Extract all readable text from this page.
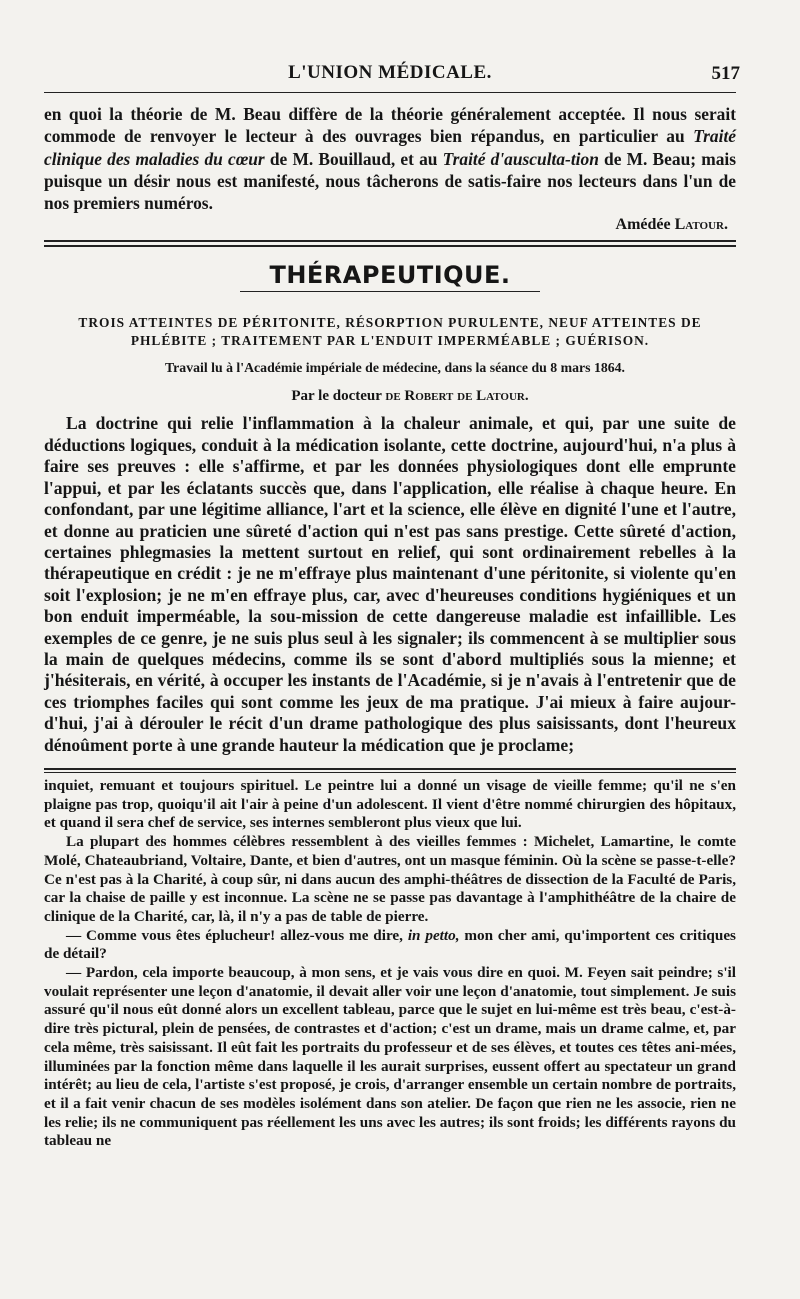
L'UNION MÉDICALE.	517

en quoi la théorie de M. Beau diffère de la théorie généralement acceptée. Il nous serait commode de renvoyer le lecteur à des ouvrages bien répandus, en particulier au Traité clinique des maladies du cœur de M. Bouillaud, et au Traité d'ausculta-tion de M. Beau; mais puisque un désir nous est manifesté, nous tâcherons de satis-faire nos lecteurs dans l'un de nos premiers numéros.

Amédée Latour.
THÉRAPEUTIQUE.
TROIS ATTEINTES DE PÉRITONITE, RÉSORPTION PURULENTE, NEUF ATTEINTES DE PHLÉBITE ; TRAITEMENT PAR L'ENDUIT IMPERMÉABLE ; GUÉRISON.
Travail lu à l'Académie impériale de médecine, dans la séance du 8 mars 1864.
Par le docteur de Robert de Latour.

La doctrine qui relie l'inflammation à la chaleur animale, et qui, par une suite de déductions logiques, conduit à la médication isolante, cette doctrine, aujourd'hui, n'a plus à faire ses preuves : elle s'affirme, et par les données physiologiques dont elle emprunte l'appui, et par les éclatants succès que, dans l'application, elle réalise à chaque heure. En confondant, par une légitime alliance, l'art et la science, elle élève en dignité l'une et l'autre, et donne au praticien une sûreté d'action qui n'est pas sans prestige. Cette sûreté d'action, certaines phlegmasies la mettent surtout en relief, qui sont ordinairement rebelles à la thérapeutique en crédit : je ne m'effraye plus maintenant d'une péritonite, si violente qu'en soit l'explosion; je ne m'en effraye plus, car, avec d'heureuses conditions hygiéniques et un bon enduit imperméable, la sou-mission de cette dangereuse maladie est infaillible. Les exemples de ce genre, je ne suis plus seul à les signaler; ils commencent à se multiplier sous la main de quelques médecins, comme ils se sont d'abord multipliés sous la mienne; et j'hésiterais, en vérité, à occuper les instants de l'Académie, si je n'avais à l'entretenir que de ces triomphes faciles qui sont comme les jeux de ma pratique. J'ai mieux à faire aujour-d'hui, j'ai à dérouler le récit d'un drame pathologique des plus saisissants, dont l'heureux dénoûment porte à une grande hauteur la médication que je proclame;

inquiet, remuant et toujours spirituel. Le peintre lui a donné un visage de vieille femme; qu'il ne s'en plaigne pas trop, quoiqu'il ait l'air à peine d'un adolescent. Il vient d'être nommé chirurgien des hôpitaux, et quand il sera chef de service, ses internes sembleront plus vieux que lui.

La plupart des hommes célèbres ressemblent à des vieilles femmes : Michelet, Lamartine, le comte Molé, Chateaubriand, Voltaire, Dante, et bien d'autres, ont un masque féminin. Où la scène se passe-t-elle? Ce n'est pas à la Charité, à coup sûr, ni dans aucun des amphi-théâtres de dissection de la Faculté de Paris, car la chaise de paille y est inconnue. La scène ne se passe pas davantage à l'amphithéâtre de la chaire de clinique de la Charité, car, là, il n'y a pas de table de pierre.

— Comme vous êtes éplucheur! allez-vous me dire, in petto, mon cher ami, qu'importent ces critiques de détail?

— Pardon, cela importe beaucoup, à mon sens, et je vais vous dire en quoi. M. Feyen sait peindre; s'il voulait représenter une leçon d'anatomie, il devait aller voir une leçon d'anatomie, tout simplement. Je suis assuré qu'il nous eût donné alors un excellent tableau, parce que le sujet en lui-même est très beau, c'est-à-dire très pictural, plein de pensées, de contrastes et d'action; c'est un drame, mais un drame calme, et, par cela même, très saisissant. Il eût fait les portraits du professeur et de ses élèves, et toutes ces têtes ani-mées, illuminées par la fonction même dans laquelle il les aurait surprises, eussent offert au spectateur un grand intérêt; au lieu de cela, l'artiste s'est proposé, je crois, d'arranger ensemble un certain nombre de portraits, et il a fait venir chacun de ses modèles isolément dans son atelier. De façon que rien ne les associe, rien ne les relie; ils ne communiquent pas réellement les uns avec les autres; ils sont froids; les différents rayons du tableau ne
